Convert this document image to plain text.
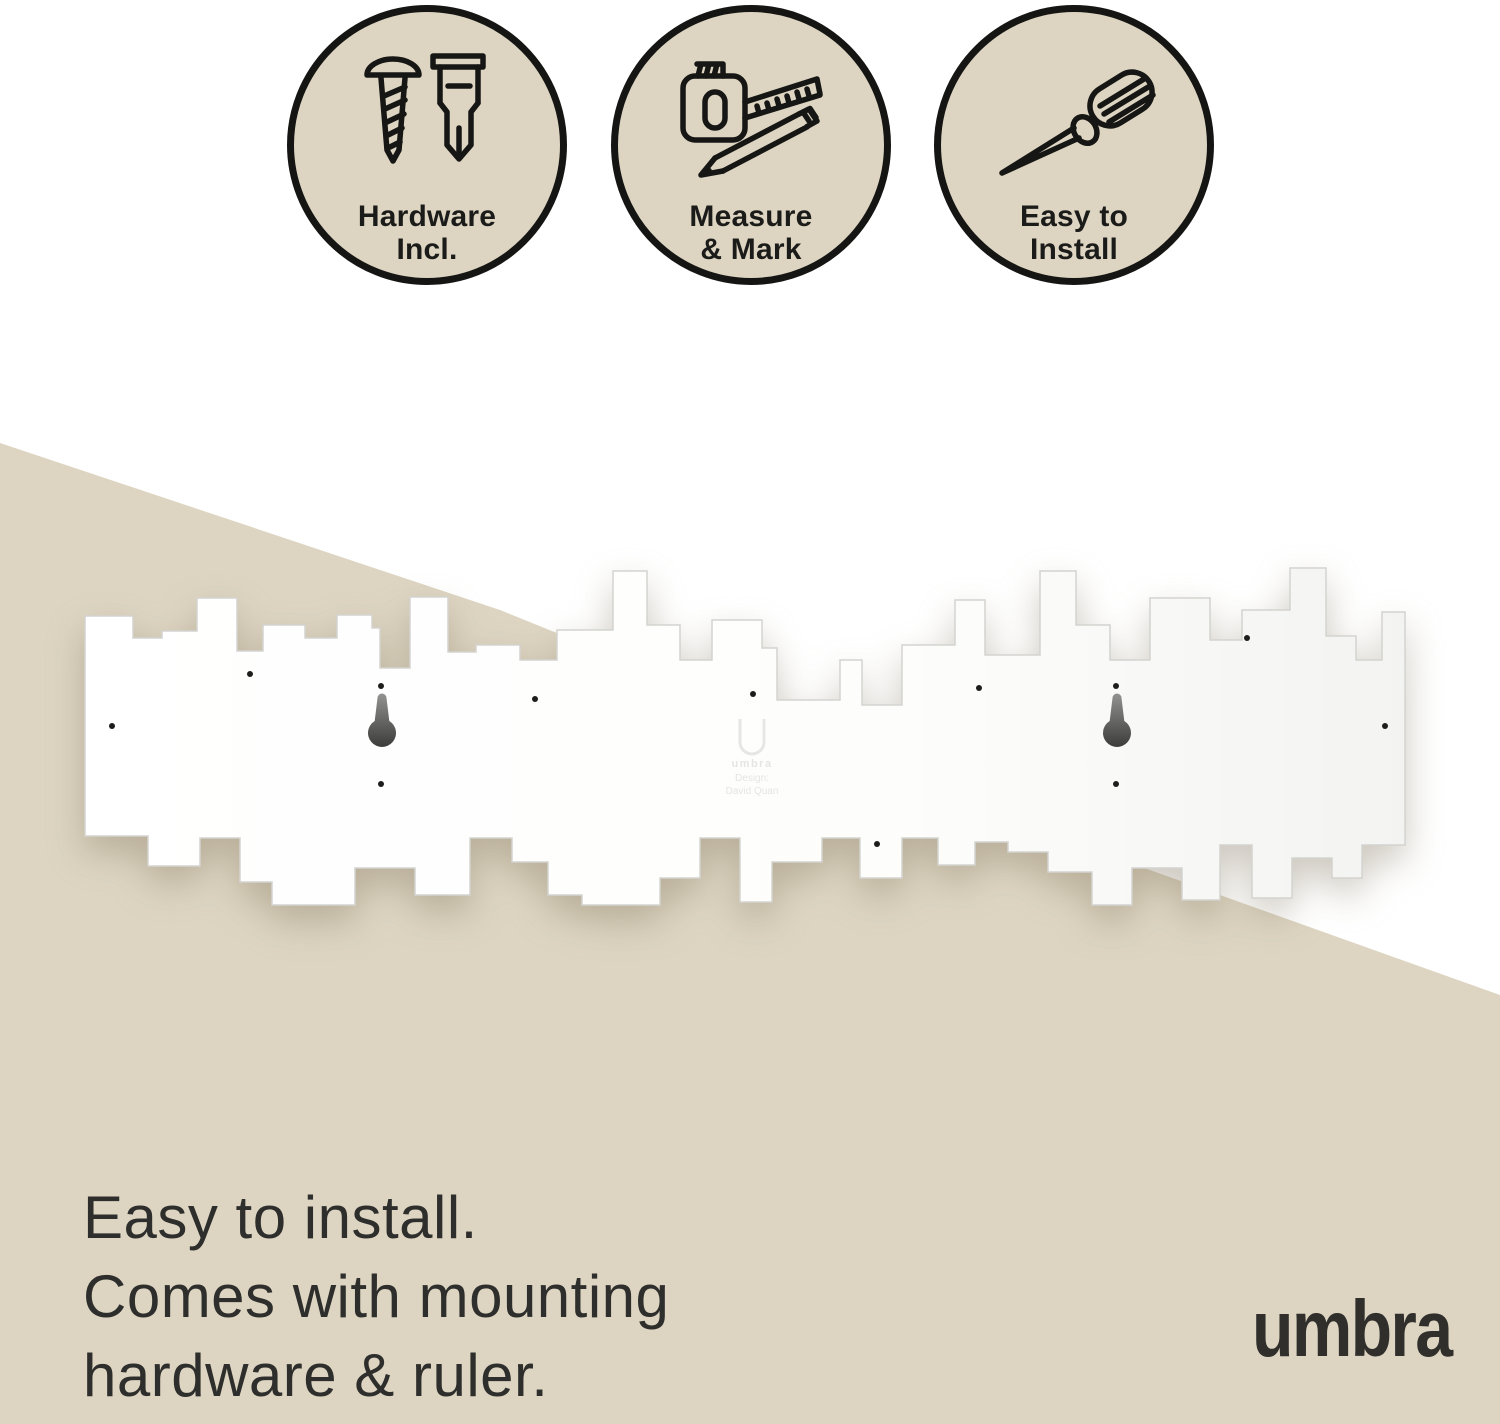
umbra
Design:
David Quan
Hardware
Incl.
Measure
& Mark
Easy to
Install
Easy to install.
Comes with mounting
hardware & ruler.
umbra
